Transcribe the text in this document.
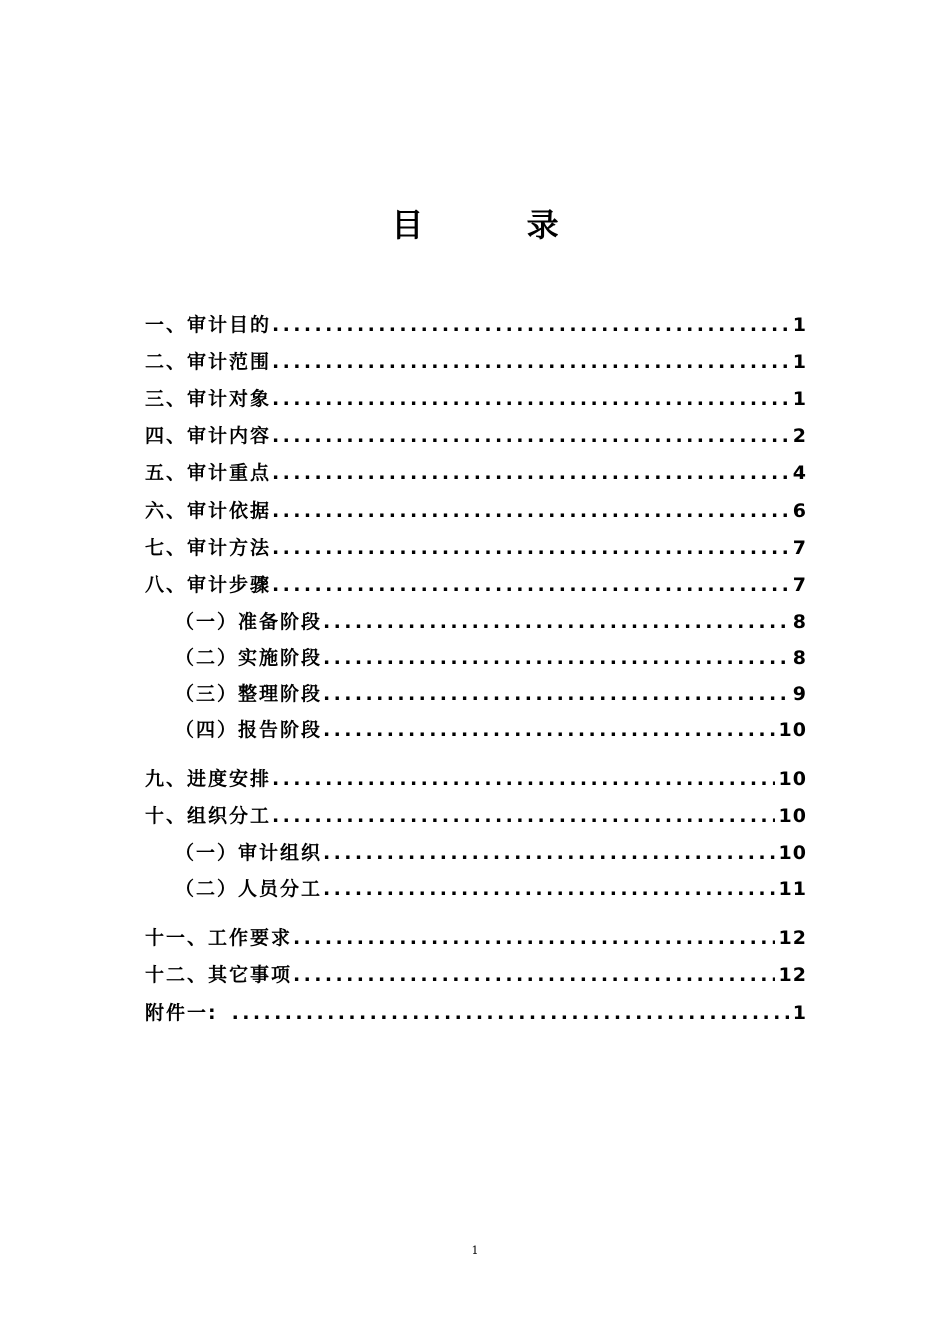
目 录
一、审计目的 .....	1
二、审计范围 .....	1
三、审计对象 .....	1
四、审计内容 .....	2
五、审计重点 .....	4
六、审计依据 .....	6
七、审计方法 .....	7
八、审计步骤 .....	7
（一）准备阶段 .....	8
（二）实施阶段 .....	8
（三）整理阶段 .....	9
（四）报告阶段 .....	10
九、进度安排 .....	10
十、组织分工 .....	10
（一）审计组织 .....	10
（二）人员分工 .....	11
十一、工作要求 .....	12
十二、其它事项 .....	12
附件一: .....	1
1
